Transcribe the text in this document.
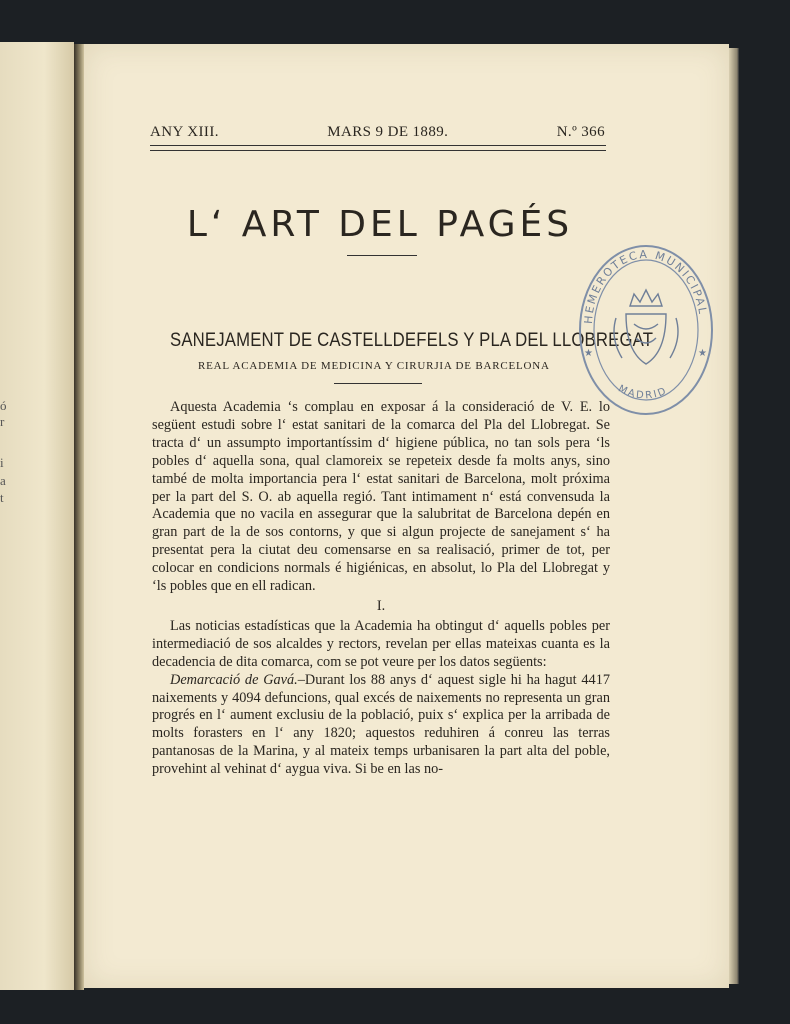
ó
r
i
a
t
ANY XIII.	MARS 9 DE 1889.	N.º 366
L‘ ART DEL PAGÉS
SANEJAMENT DE CASTELLDEFELS Y PLA DEL LLOBREGAT
REAL ACADEMIA DE MEDICINA Y CIRURJIA DE BARCELONA

Aquesta Academia ‘s complau en exposar á la consideració de V. E. lo següent estudi sobre l‘ estat sanitari de la comarca del Pla del Llobregat. Se tracta d‘ un assumpto importantíssim d‘ higiene pública, no tan sols pera ‘ls pobles d‘ aquella sona, qual clamoreix se repeteix desde fa molts anys, sino també de molta importancia pera l‘ estat sanitari de Barcelona, molt próxima per la part del S. O. ab aquella regió. Tant intimament n‘ está convensuda la Academia que no vacila en assegurar que la salubritat de Barcelona depén en gran part de la de sos contorns, y que si algun projecte de sanejament s‘ ha presentat pera la ciutat deu comensarse en sa realisació, primer de tot, per colocar en condicions normals é higiénicas, en absolut, lo Pla del Llobregat y ‘ls pobles que en ell radican.

I.

Las noticias estadísticas que la Academia ha obtingut d‘ aquells pobles per intermediació de sos alcaldes y rectors, revelan per ellas mateixas cuanta es la decadencia de dita comarca, com se pot veure per los datos següents:

Demarcació de Gavá.–Durant los 88 anys d‘ aquest sigle hi ha hagut 4417 naixements y 4094 defuncions, qual excés de naixements no representa un gran progrés en l‘ aument exclusiu de la població, puix s‘ explica per la arribada de molts forasters en l‘ any 1820; aquestos reduhiren á conreu las terras pantanosas de la Marina, y al mateix temps urbanisaren la part alta del poble, provehint al vehinat d‘ aygua viva. Si be en las no-

HEMEROTECA MUNICIPAL
MADRID
★	★
